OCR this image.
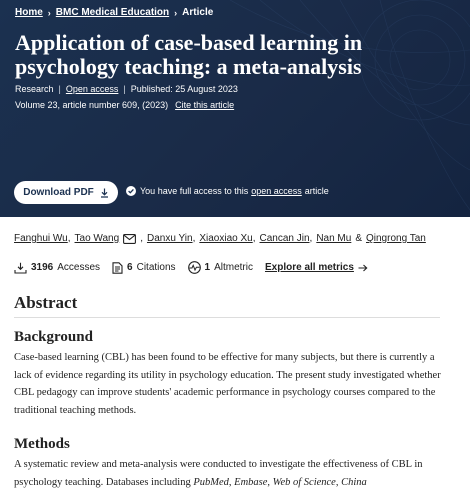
Home › BMC Medical Education › Article
Application of case-based learning in psychology teaching: a meta-analysis
Research | Open access | Published: 25 August 2023
Volume 23, article number 609, (2023) Cite this article
Download PDF	You have full access to this open access article
Fanghui Wu , Tao Wang , Danxu Yin , Xiaoxiao Xu , Cancan Jin , Nan Mu & Qingrong Tan
3196 Accesses	6 Citations	1 Altmetric Explore all metrics
Abstract
Background

Case-based learning (CBL) has been found to be effective for many subjects, but there is currently a lack of evidence regarding its utility in psychology education. The present study investigated whether CBL pedagogy can improve students' academic performance in psychology courses compared to the traditional teaching methods.

Methods

A systematic review and meta-analysis were conducted to investigate the effectiveness of CBL in psychology teaching. Databases including PubMed, Embase, Web of Science, China
